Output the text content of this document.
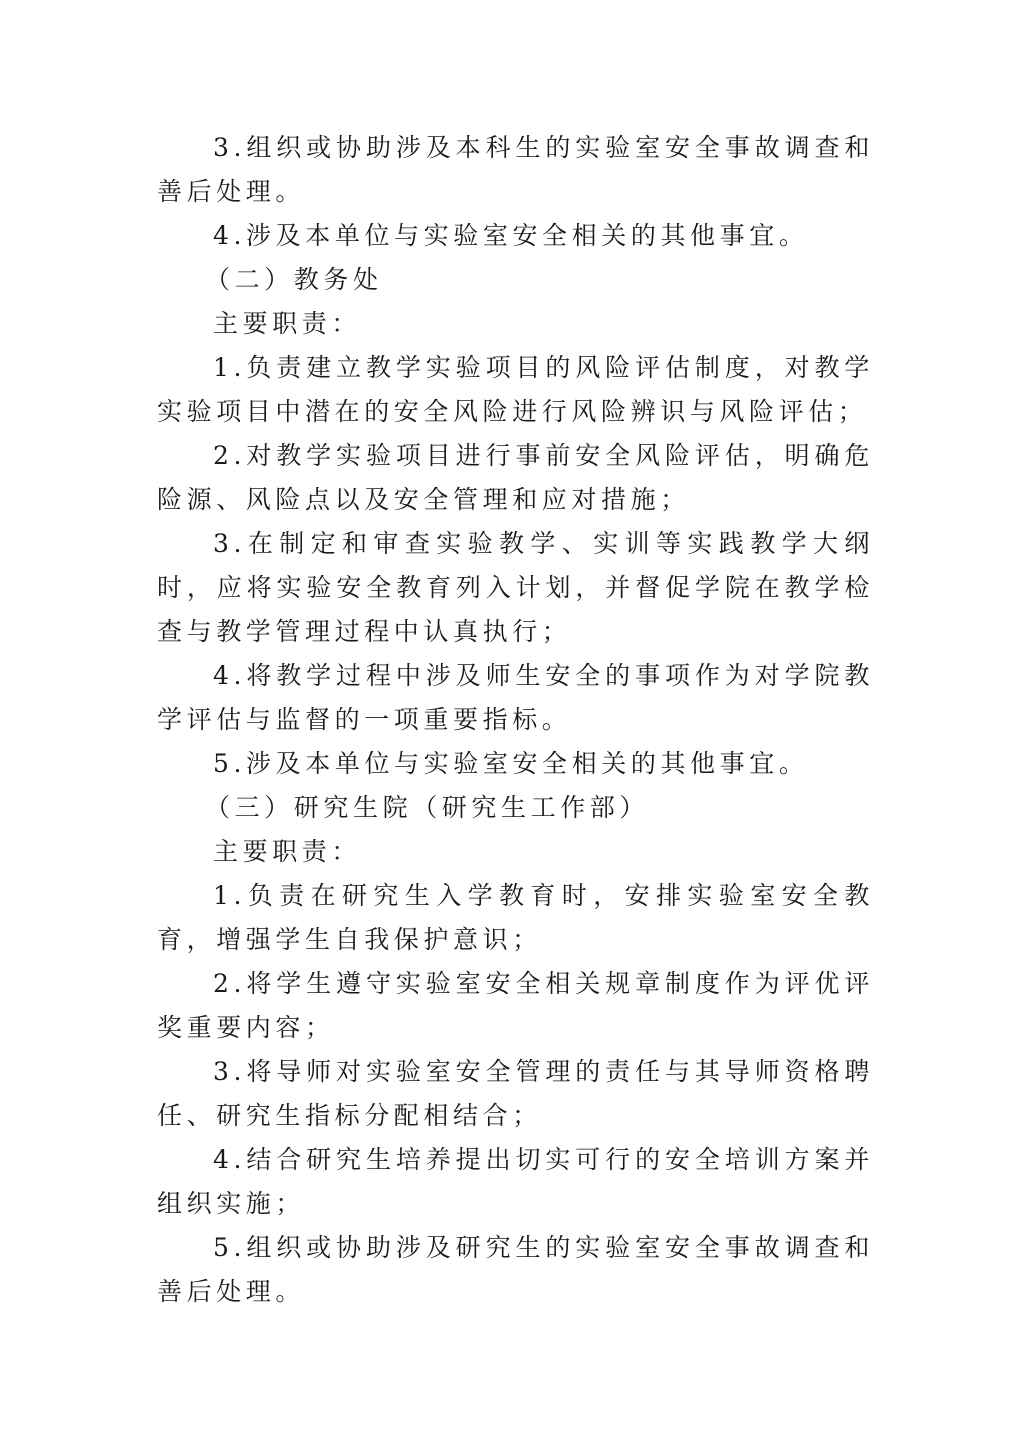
3.组织或协助涉及本科生的实验室安全事故调查和善后处理。

4.涉及本单位与实验室安全相关的其他事宜。

（二）教务处

主要职责：

1.负责建立教学实验项目的风险评估制度，对教学实验项目中潜在的安全风险进行风险辨识与风险评估；

2.对教学实验项目进行事前安全风险评估，明确危险源、风险点以及安全管理和应对措施；

3.在制定和审查实验教学、实训等实践教学大纲时，应将实验安全教育列入计划，并督促学院在教学检查与教学管理过程中认真执行；

4.将教学过程中涉及师生安全的事项作为对学院教学评估与监督的一项重要指标。

5.涉及本单位与实验室安全相关的其他事宜。

（三）研究生院（研究生工作部）

主要职责：

1.负责在研究生入学教育时，安排实验室安全教育，增强学生自我保护意识；

2.将学生遵守实验室安全相关规章制度作为评优评奖重要内容；

3.将导师对实验室安全管理的责任与其导师资格聘任、研究生指标分配相结合；

4.结合研究生培养提出切实可行的安全培训方案并组织实施；

5.组织或协助涉及研究生的实验室安全事故调查和善后处理。
